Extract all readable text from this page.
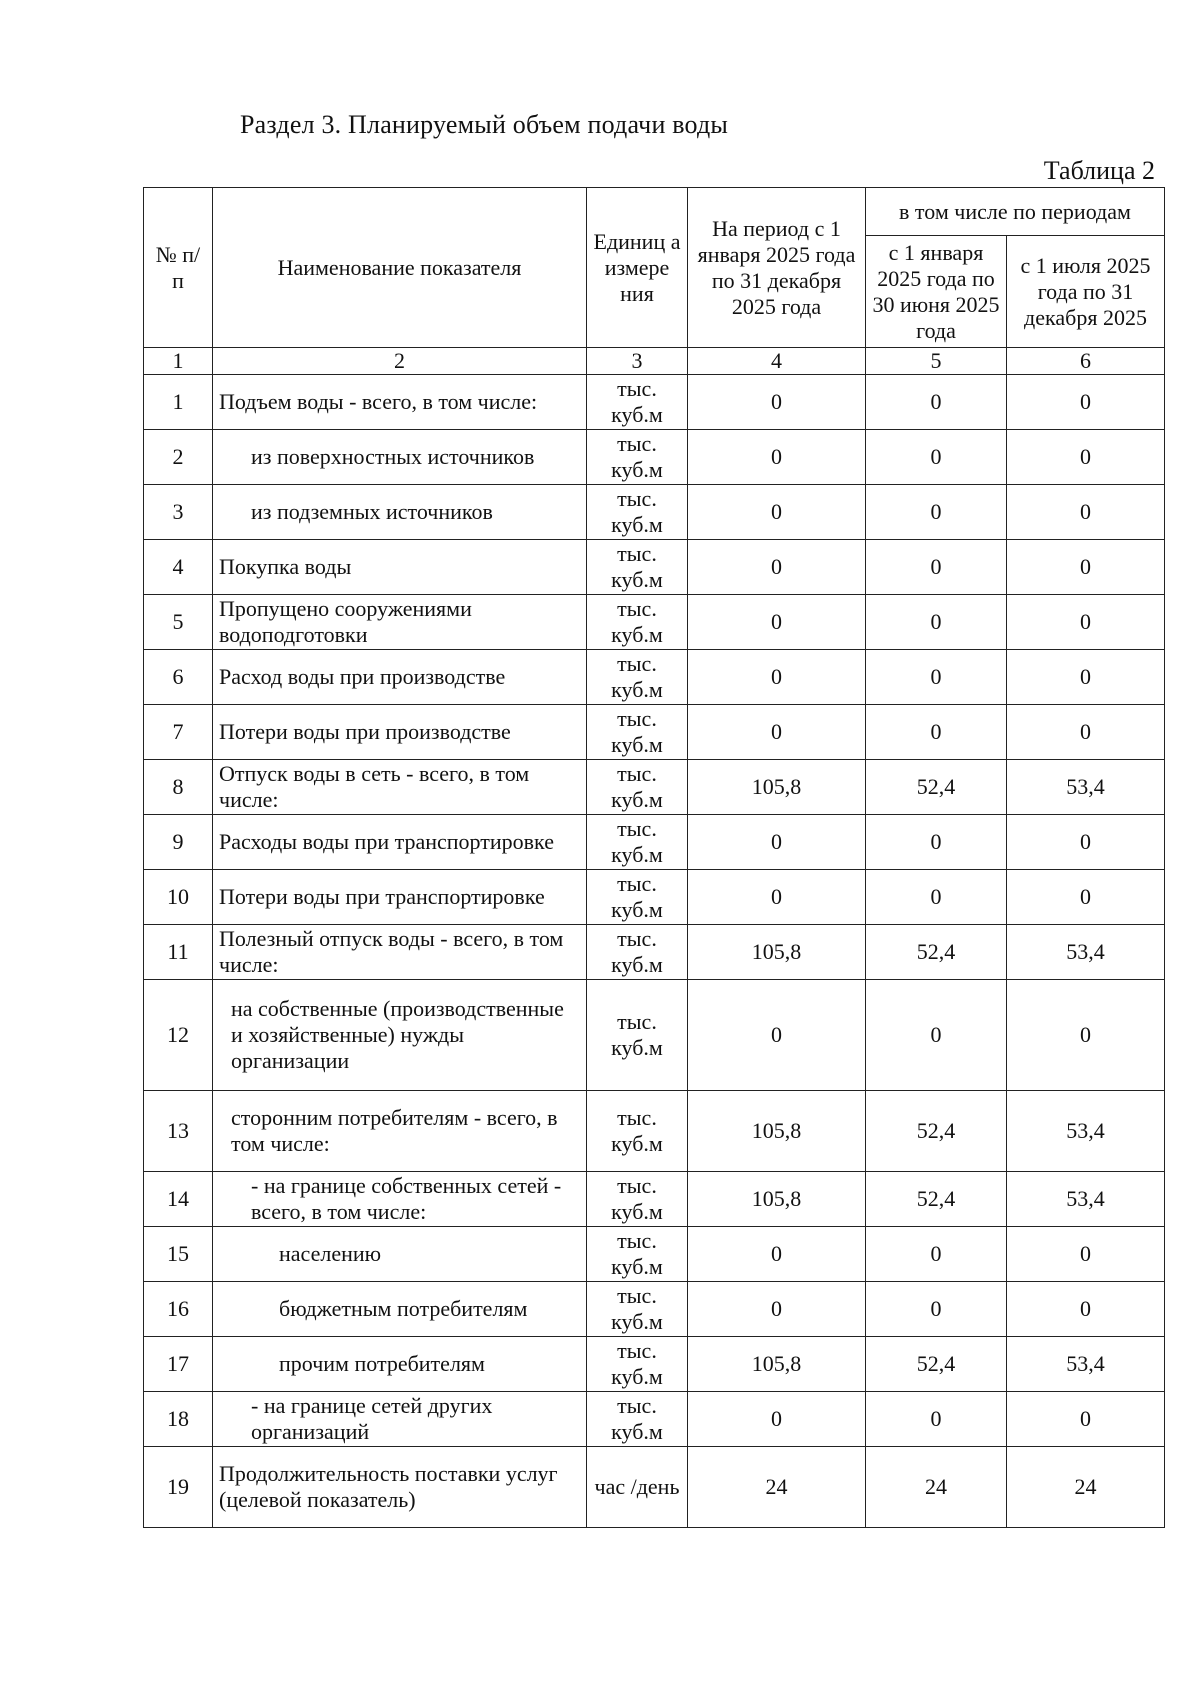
Раздел 3. Планируемый объем подачи воды
Таблица 2
№ п/п	Наименование показателя	Единиц а измере ния	На период с 1 января 2025 года по 31 декабря 2025 года	в том числе по периодам	
				с 1 января 2025 года по 30 июня 2025 года	с 1 июля 2025 года по 31 декабря 2025
1	2	3	4	5	6
1	Подъем воды - всего, в том числе:	тыс. куб.м	0	0	0
2	из поверхностных источников	тыс. куб.м	0	0	0
3	из подземных источников	тыс. куб.м	0	0	0
4	Покупка воды	тыс. куб.м	0	0	0
5	Пропущено сооружениями водоподготовки	тыс. куб.м	0	0	0
6	Расход воды при производстве	тыс. куб.м	0	0	0
7	Потери воды при производстве	тыс. куб.м	0	0	0
8	Отпуск воды в сеть - всего, в том числе:	тыс. куб.м	105,8	52,4	53,4
9	Расходы воды при транспортировке	тыс. куб.м	0	0	0
10	Потери воды при транспортировке	тыс. куб.м	0	0	0
11	Полезный отпуск воды - всего, в том числе:	тыс. куб.м	105,8	52,4	53,4
12	на собственные (производственные и хозяйственные) нужды организации	тыс. куб.м	0	0	0
13	сторонним потребителям - всего, в том числе:	тыс. куб.м	105,8	52,4	53,4
14	- на границе собственных сетей - всего, в том числе:	тыс. куб.м	105,8	52,4	53,4
15	населению	тыс. куб.м	0	0	0
16	бюджетным потребителям	тыс. куб.м	0	0	0
17	прочим потребителям	тыс. куб.м	105,8	52,4	53,4
18	- на границе сетей других организаций	тыс. куб.м	0	0	0
19	Продолжительность поставки услуг (целевой показатель)	час /день	24	24	24
